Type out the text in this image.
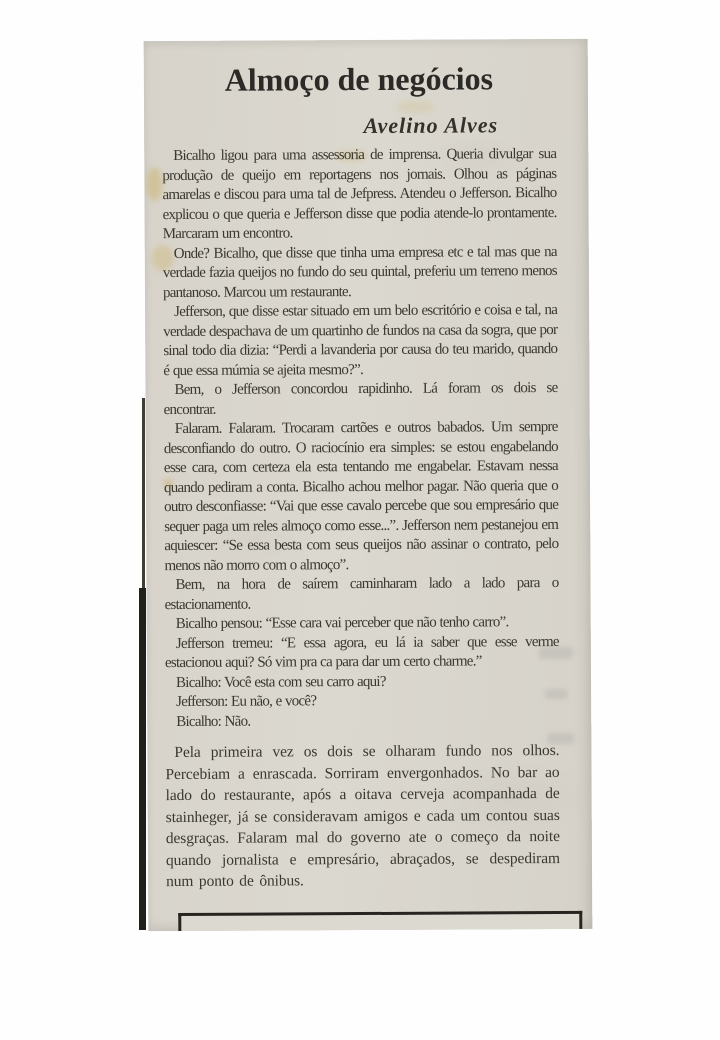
Almoço de negócios
Avelino Alves

Bicalho ligou para uma assessoria de imprensa. Queria divulgar sua produção de queijo em reportagens nos jornais. Olhou as páginas amarelas e discou para uma tal de Jefpress. Atendeu o Jefferson. Bicalho explicou o que queria e Jefferson disse que podia atende-lo prontamente. Marcaram um encontro.

Onde? Bicalho, que disse que tinha uma empresa etc e tal mas que na verdade fazia queijos no fundo do seu quintal, preferiu um terreno menos pantanoso. Marcou um restaurante.

Jefferson, que disse estar situado em um belo escritório e coisa e tal, na verdade despachava de um quartinho de fundos na casa da sogra, que por sinal todo dia dizia: “Perdi a lavanderia por causa do teu marido, quando é que essa múmia se ajeita mesmo?”.

Bem, o Jefferson concordou rapidinho. Lá foram os dois se encontrar.

Falaram. Falaram. Trocaram cartões e outros babados. Um sempre desconfiando do outro. O raciocínio era simples: se estou engabelando esse cara, com certeza ela esta tentando me engabelar. Estavam nessa quando pediram a conta. Bicalho achou melhor pagar. Não queria que o outro desconfiasse: “Vai que esse cavalo percebe que sou empresário que sequer paga um reles almoço como esse...”. Jefferson nem pestanejou em aquiescer: “Se essa besta com seus queijos não assinar o contrato, pelo menos não morro com o almoço”.

Bem, na hora de saírem caminharam lado a lado para o estacionamento.

Bicalho pensou: “Esse cara vai perceber que não tenho carro”.

Jefferson tremeu: “E essa agora, eu lá ia saber que esse verme estacionou aqui? Só vim pra ca para dar um certo charme.”

Bicalho: Você esta com seu carro aqui?

Jefferson: Eu não, e você?

Bicalho: Não.

Pela primeira vez os dois se olharam fundo nos olhos. Percebiam a enrascada. Sorriram envergonhados. No bar ao lado do restaurante, após a oitava cerveja acompanhada de stainheger, já se consideravam amigos e cada um contou suas desgraças. Falaram mal do governo ate o começo da noite quando jornalista e empresário, abraçados, se despediram num ponto de ônibus.
